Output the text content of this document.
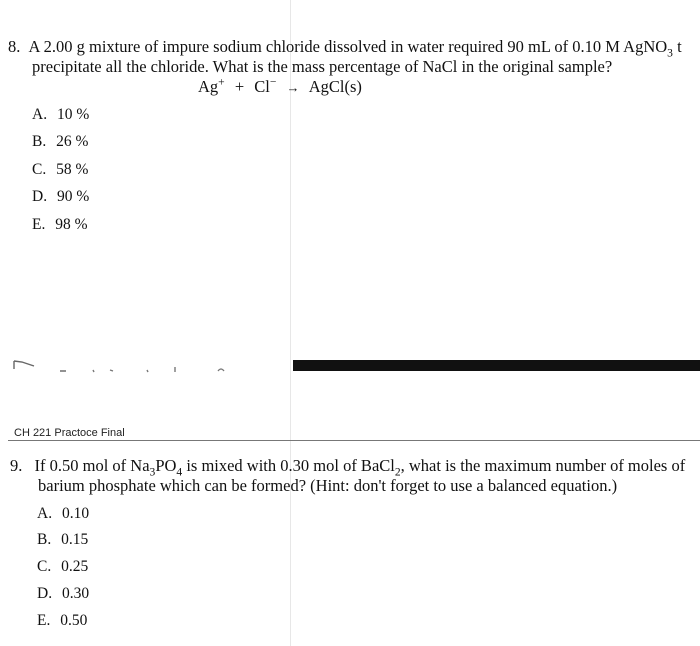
8. A 2.00 g mixture of impure sodium chloride dissolved in water required 90 mL of 0.10 M AgNO$_3$ t
precipitate all the chloride. What is the mass percentage of NaCl in the original sample?
Ag+ + Cl− → AgCl(s)
A. 10 %
B. 26 %
C. 58 %
D. 90 %
E. 98 %
CH 221 Practoce Final
9. If 0.50 mol of $Na_3PO_4$ is mixed with 0.30 mol of BaCl$_2$, what is the maximum number of moles of
barium phosphate which can be formed? (Hint: don't forget to use a balanced equation.)
A. 0.10
B. 0.15
C. 0.25
D. 0.30
E. 0.50
